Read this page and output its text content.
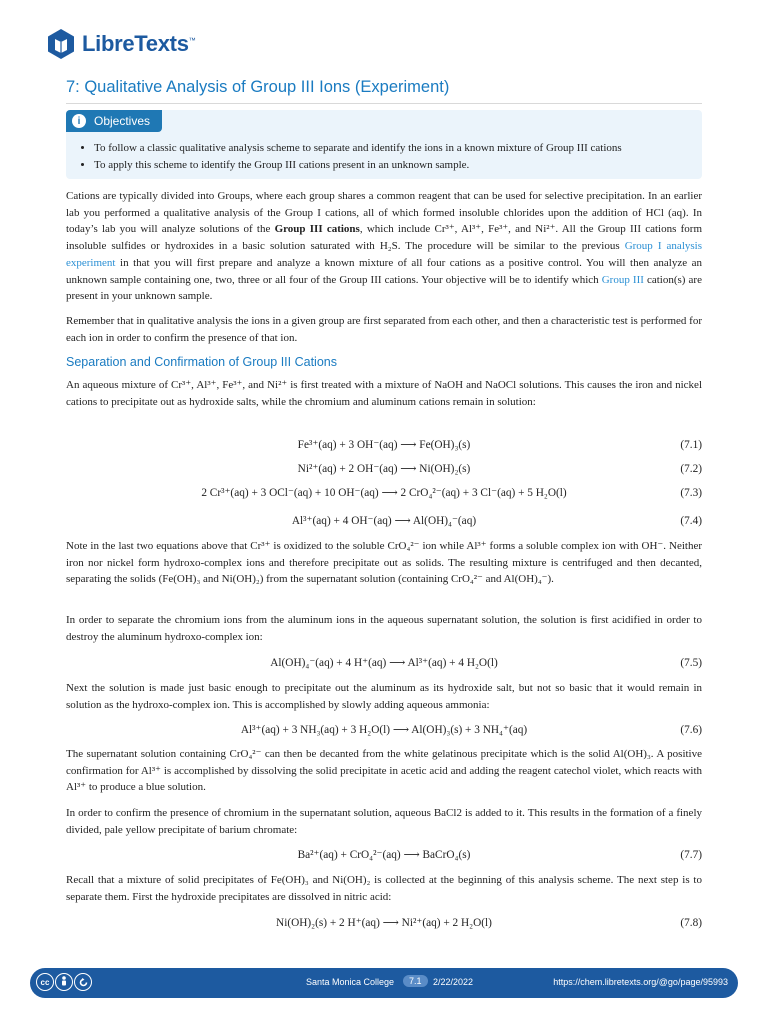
LibreTexts™
7: Qualitative Analysis of Group III Ions (Experiment)
i	Objectives
• To follow a classic qualitative analysis scheme to separate and identify the ions in a known mixture of Group III cations
• To apply this scheme to identify the Group III cations present in an unknown sample.

Cations are typically divided into Groups, where each group shares a common reagent that can be used for selective precipitation. In an earlier lab you performed a qualitative analysis of the Group I cations, all of which formed insoluble chlorides upon the addition of HCl (aq). In today’s lab you will analyze solutions of the Group III cations, which include Cr³⁺, Al³⁺, Fe³⁺, and Ni²⁺. All the Group III cations form insoluble sulfides or hydroxides in a basic solution saturated with H₂S. The procedure will be similar to the previous Group I analysis experiment in that you will first prepare and analyze a known mixture of all four cations as a positive control. You will then analyze an unknown sample containing one, two, three or all four of the Group III cations. Your objective will be to identify which Group III cation(s) are present in your unknown sample.

Remember that in qualitative analysis the ions in a given group are first separated from each other, and then a characteristic test is performed for each ion in order to confirm the presence of that ion.

Separation and Confirmation of Group III Cations

An aqueous mixture of Cr³⁺, Al³⁺, Fe³⁺, and Ni²⁺ is first treated with a mixture of NaOH and NaOCl solutions. This causes the iron and nickel cations to precipitate out as hydroxide salts, while the chromium and aluminum cations remain in solution:

Fe³⁺(aq) + 3 OH⁻(aq) ⟶ Fe(OH)₃(s)	(7.1)
Ni²⁺(aq) + 2 OH⁻(aq) ⟶ Ni(OH)₂(s)	(7.2)
2 Cr³⁺(aq) + 3 OCl⁻(aq) + 10 OH⁻(aq) ⟶ 2 CrO₄²⁻(aq) + 3 Cl⁻(aq) + 5 H₂O(l)	(7.3)
Al³⁺(aq) + 4 OH⁻(aq) ⟶ Al(OH)₄⁻(aq)	(7.4)

Note in the last two equations above that Cr³⁺ is oxidized to the soluble CrO₄²⁻ ion while Al³⁺ forms a soluble complex ion with OH⁻. Neither iron nor nickel form hydroxo-complex ions and therefore precipitate out as solids. The resulting mixture is centrifuged and then decanted, separating the solids (Fe(OH)₃ and Ni(OH)₂) from the supernatant solution (containing CrO₄²⁻ and Al(OH)₄⁻).

In order to separate the chromium ions from the aluminum ions in the aqueous supernatant solution, the solution is first acidified in order to destroy the aluminum hydroxo-complex ion:

Al(OH)₄⁻(aq) + 4 H⁺(aq) ⟶ Al³⁺(aq) + 4 H₂O(l)	(7.5)

Next the solution is made just basic enough to precipitate out the aluminum as its hydroxide salt, but not so basic that it would remain in solution as the hydroxo-complex ion. This is accomplished by slowly adding aqueous ammonia:

Al³⁺(aq) + 3 NH₃(aq) + 3 H₂O(l) ⟶ Al(OH)₃(s) + 3 NH₄⁺(aq)	(7.6)

The supernatant solution containing CrO₄²⁻ can then be decanted from the white gelatinous precipitate which is the solid Al(OH)₃. A positive confirmation for Al³⁺ is accomplished by dissolving the solid precipitate in acetic acid and adding the reagent catechol violet, which reacts with Al³⁺ to produce a blue solution.

In order to confirm the presence of chromium in the supernatant solution, aqueous BaCl2 is added to it. This results in the formation of a finely divided, pale yellow precipitate of barium chromate:

Ba²⁺(aq) + CrO₄²⁻(aq) ⟶ BaCrO₄(s)	(7.7)

Recall that a mixture of solid precipitates of Fe(OH)₃ and Ni(OH)₂ is collected at the beginning of this analysis scheme. The next step is to separate them. First the hydroxide precipitates are dissolved in nitric acid:

Ni(OH)₂(s) + 2 H⁺(aq) ⟶ Ni²⁺(aq) + 2 H₂O(l)	(7.8)
cc	Santa Monica College	7.1	2/22/2022	https://chem.libretexts.org/@go/page/95993
